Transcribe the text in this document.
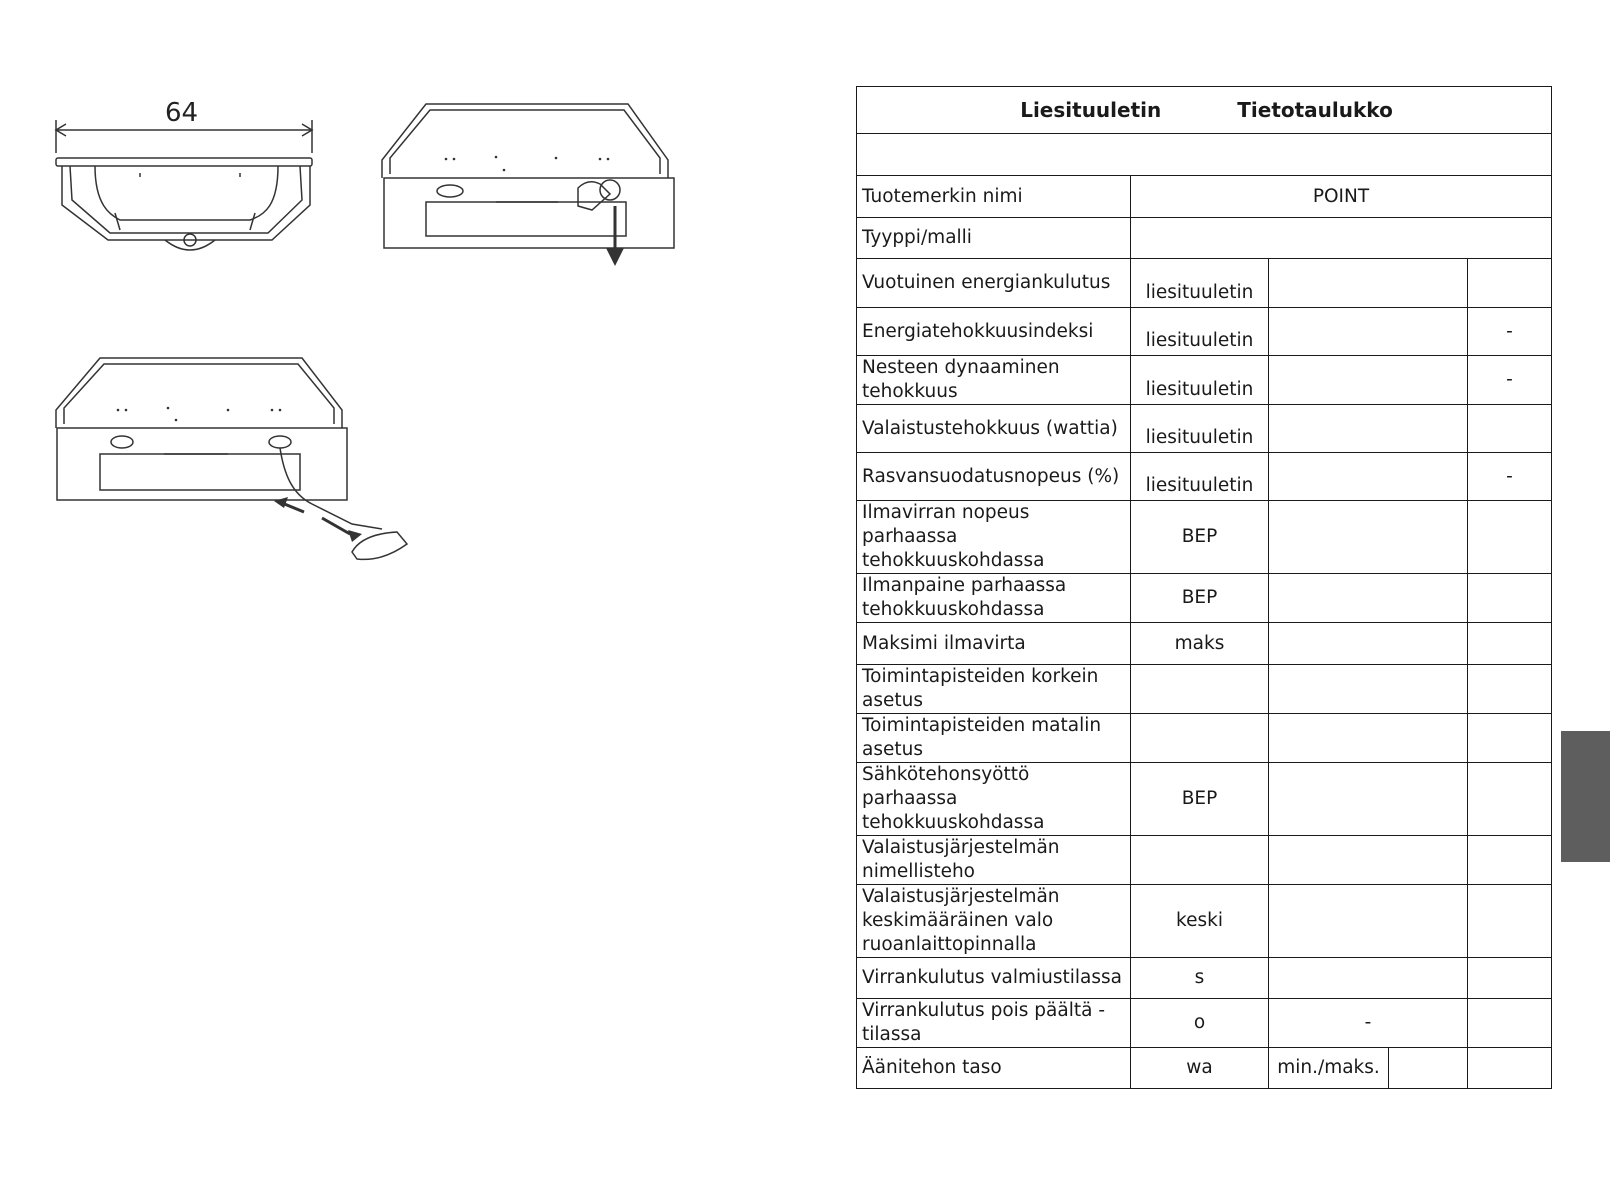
64	Liesituuletin Tietotaulukko				

Tuotemerkin nimi	POINT			
Tyyppi/malli				
Vuotuinen energiankulutus	liesituuletin			
Energiatehokkuusindeksi	liesituuletin			-
Nesteen dynaaminen tehokkuus	liesituuletin			-
Valaistustehokkuus (wattia)	liesituuletin			
Rasvansuodatusnopeus (%)	liesituuletin			-
Ilmavirran nopeus parhaassa tehokkuuskohdassa	BEP			
Ilmanpaine parhaassa tehokkuuskohdassa	BEP			
Maksimi ilmavirta	maks			
Toimintapisteiden korkein asetus				
Toimintapisteiden matalin asetus				
Sähkötehonsyöttö parhaassa tehokkuuskohdassa	BEP			
Valaistusjärjestelmän nimellisteho				
Valaistusjärjestelmän keskimääräinen valo ruoanlaittopinnalla	keski			
Virrankulutus valmiustilassa	s			
Virrankulutus pois päältä - tilassa	o	-		
Äänitehon taso	wa	min./maks.		
